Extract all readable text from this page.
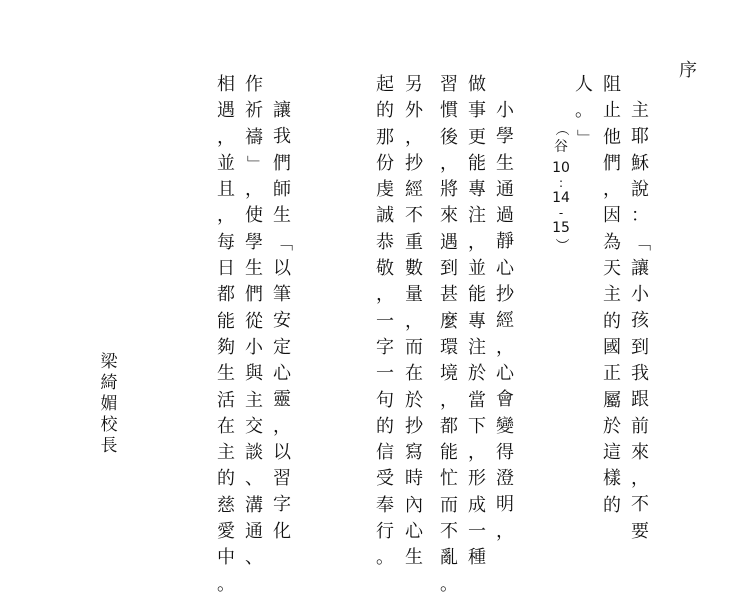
序
主
耶
穌
說
：
「
讓
小
孩
到
我
跟
前
來
，
不
要
阻
止
他
們
，
因
為
天
主
的
國
正
屬
於
這
樣
的
人
。
」
小
學
生
通
過
靜
心
抄
經
，
心
會
變
得
澄
明
，
做
事
更
能
專
注
，
並
能
專
注
於
當
下
，
形
成
一
種
習
慣
後
，
將
來
遇
到
甚
麼
環
境
，
都
能
忙
而
不
亂
。
另
外
，
抄
經
不
重
數
量
，
而
在
於
抄
寫
時
內
心
生
起
的
那
份
虔
誠
恭
敬
，
一
字
一
句
的
信
受
奉
行
。
讓
我
們
師
生
「
以
筆
安
定
心
靈
，
以
習
字
化
作
祈
禱
」
，
使
學
生
們
從
小
與
主
交
談
、
溝
通
、
相
遇
，
並
且
，
每
日
都
能
夠
生
活
在
主
的
慈
愛
中
。
（
谷
10
:
14
-
15
）
梁
綺
媚
校
長
